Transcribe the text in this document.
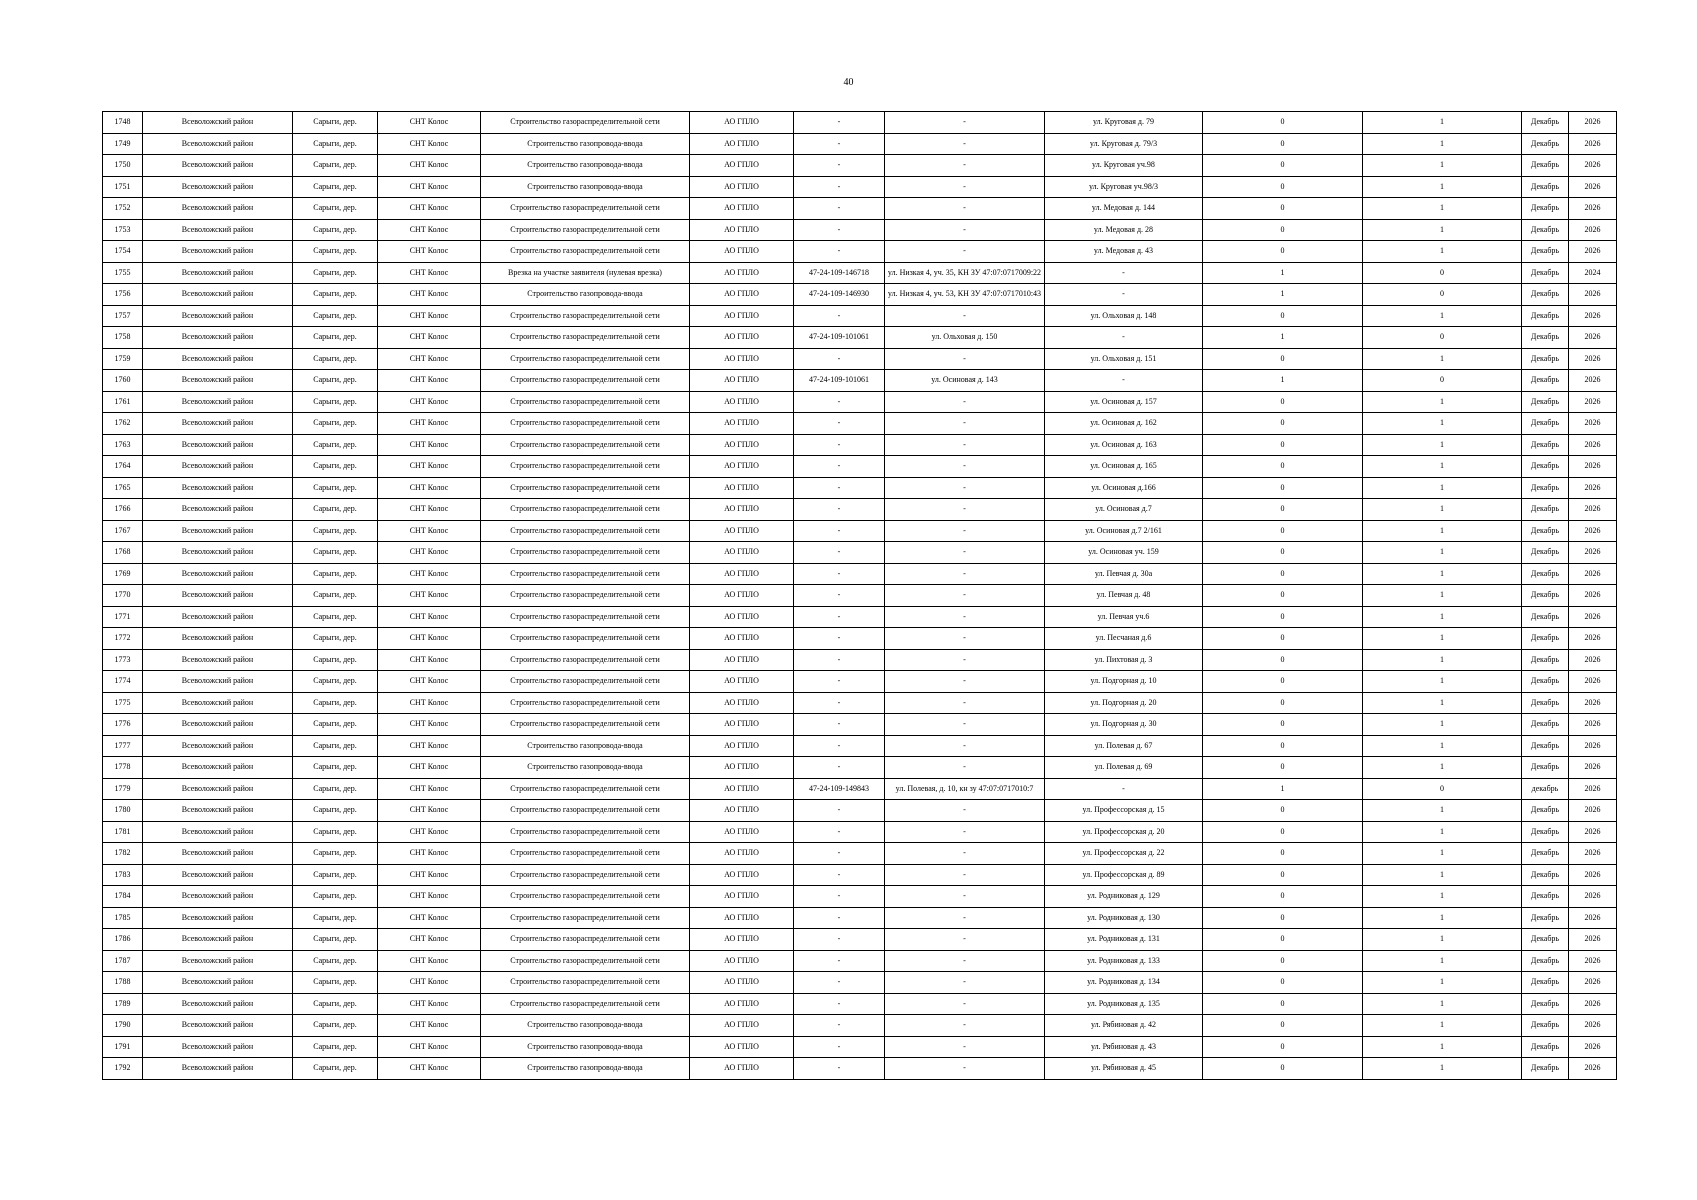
40
1748	Всеволожский район	Сарыги, дер.	СНТ Колос	Строительство газораспределительной сети	АО ГПЛО	-	-	ул. Круговая д. 79	0	1	Декабрь	2026
1749	Всеволожский район	Сарыги, дер.	СНТ Колос	Строительство газопровода-ввода	АО ГПЛО	-	-	ул. Круговая д. 79/3	0	1	Декабрь	2026
1750	Всеволожский район	Сарыги, дер.	СНТ Колос	Строительство газопровода-ввода	АО ГПЛО	-	-	ул. Круговая уч.98	0	1	Декабрь	2026
1751	Всеволожский район	Сарыги, дер.	СНТ Колос	Строительство газопровода-ввода	АО ГПЛО	-	-	ул. Круговая уч.98/3	0	1	Декабрь	2026
1752	Всеволожский район	Сарыги, дер.	СНТ Колос	Строительство газораспределительной сети	АО ГПЛО	-	-	ул. Медовая д. 144	0	1	Декабрь	2026
1753	Всеволожский район	Сарыги, дер.	СНТ Колос	Строительство газораспределительной сети	АО ГПЛО	-	-	ул. Медовая д. 28	0	1	Декабрь	2026
1754	Всеволожский район	Сарыги, дер.	СНТ Колос	Строительство газораспределительной сети	АО ГПЛО	-	-	ул. Медовая д. 43	0	1	Декабрь	2026
1755	Всеволожский район	Сарыги, дер.	СНТ Колос	Врезка на участке заявителя (нулевая врезка)	АО ГПЛО	47-24-109-146718	ул. Низкая 4, уч. 35, КН ЗУ 47:07:0717009:22	-	1	0	Декабрь	2024
1756	Всеволожский район	Сарыги, дер.	СНТ Колос	Строительство газопровода-ввода	АО ГПЛО	47-24-109-146930	ул. Низкая 4, уч. 53, КН ЗУ 47:07:0717010:43	-	1	0	Декабрь	2026
1757	Всеволожский район	Сарыги, дер.	СНТ Колос	Строительство газораспределительной сети	АО ГПЛО	-	-	ул. Ольховая д. 148	0	1	Декабрь	2026
1758	Всеволожский район	Сарыги, дер.	СНТ Колос	Строительство газораспределительной сети	АО ГПЛО	47-24-109-101061	ул. Ольховая д. 150	-	1	0	Декабрь	2026
1759	Всеволожский район	Сарыги, дер.	СНТ Колос	Строительство газораспределительной сети	АО ГПЛО	-	-	ул. Ольховая д. 151	0	1	Декабрь	2026
1760	Всеволожский район	Сарыги, дер.	СНТ Колос	Строительство газораспределительной сети	АО ГПЛО	47-24-109-101061	ул. Осиновая д. 143	-	1	0	Декабрь	2026
1761	Всеволожский район	Сарыги, дер.	СНТ Колос	Строительство газораспределительной сети	АО ГПЛО	-	-	ул. Осиновая д. 157	0	1	Декабрь	2026
1762	Всеволожский район	Сарыги, дер.	СНТ Колос	Строительство газораспределительной сети	АО ГПЛО	-	-	ул. Осиновая д. 162	0	1	Декабрь	2026
1763	Всеволожский район	Сарыги, дер.	СНТ Колос	Строительство газораспределительной сети	АО ГПЛО	-	-	ул. Осиновая д. 163	0	1	Декабрь	2026
1764	Всеволожский район	Сарыги, дер.	СНТ Колос	Строительство газораспределительной сети	АО ГПЛО	-	-	ул. Осиновая д. 165	0	1	Декабрь	2026
1765	Всеволожский район	Сарыги, дер.	СНТ Колос	Строительство газораспределительной сети	АО ГПЛО	-	-	ул. Осиновая д.166	0	1	Декабрь	2026
1766	Всеволожский район	Сарыги, дер.	СНТ Колос	Строительство газораспределительной сети	АО ГПЛО	-	-	ул. Осиновая д.7	0	1	Декабрь	2026
1767	Всеволожский район	Сарыги, дер.	СНТ Колос	Строительство газораспределительной сети	АО ГПЛО	-	-	ул. Осиновая д.7 2/161	0	1	Декабрь	2026
1768	Всеволожский район	Сарыги, дер.	СНТ Колос	Строительство газораспределительной сети	АО ГПЛО	-	-	ул. Осиновая уч. 159	0	1	Декабрь	2026
1769	Всеволожский район	Сарыги, дер.	СНТ Колос	Строительство газораспределительной сети	АО ГПЛО	-	-	ул. Певчая д. 30а	0	1	Декабрь	2026
1770	Всеволожский район	Сарыги, дер.	СНТ Колос	Строительство газораспределительной сети	АО ГПЛО	-	-	ул. Певчая д. 48	0	1	Декабрь	2026
1771	Всеволожский район	Сарыги, дер.	СНТ Колос	Строительство газораспределительной сети	АО ГПЛО	-	-	ул. Певчая уч.6	0	1	Декабрь	2026
1772	Всеволожский район	Сарыги, дер.	СНТ Колос	Строительство газораспределительной сети	АО ГПЛО	-	-	ул. Песчаная д.6	0	1	Декабрь	2026
1773	Всеволожский район	Сарыги, дер.	СНТ Колос	Строительство газораспределительной сети	АО ГПЛО	-	-	ул. Пихтовая д. 3	0	1	Декабрь	2026
1774	Всеволожский район	Сарыги, дер.	СНТ Колос	Строительство газораспределительной сети	АО ГПЛО	-	-	ул. Подгорная д. 10	0	1	Декабрь	2026
1775	Всеволожский район	Сарыги, дер.	СНТ Колос	Строительство газораспределительной сети	АО ГПЛО	-	-	ул. Подгорная д. 20	0	1	Декабрь	2026
1776	Всеволожский район	Сарыги, дер.	СНТ Колос	Строительство газораспределительной сети	АО ГПЛО	-	-	ул. Подгорная д. 30	0	1	Декабрь	2026
1777	Всеволожский район	Сарыги, дер.	СНТ Колос	Строительство газопровода-ввода	АО ГПЛО	-	-	ул. Полевая д. 67	0	1	Декабрь	2026
1778	Всеволожский район	Сарыги, дер.	СНТ Колос	Строительство газопровода-ввода	АО ГПЛО	-	-	ул. Полевая д. 69	0	1	Декабрь	2026
1779	Всеволожский район	Сарыги, дер.	СНТ Колос	Строительство газораспределительной сети	АО ГПЛО	47-24-109-149843	ул. Полевая, д. 10, кн зу 47:07:0717010:7	-	1	0	декабрь	2026
1780	Всеволожский район	Сарыги, дер.	СНТ Колос	Строительство газораспределительной сети	АО ГПЛО	-	-	ул. Профессорская д. 15	0	1	Декабрь	2026
1781	Всеволожский район	Сарыги, дер.	СНТ Колос	Строительство газораспределительной сети	АО ГПЛО	-	-	ул. Профессорская д. 20	0	1	Декабрь	2026
1782	Всеволожский район	Сарыги, дер.	СНТ Колос	Строительство газораспределительной сети	АО ГПЛО	-	-	ул. Профессорская д. 22	0	1	Декабрь	2026
1783	Всеволожский район	Сарыги, дер.	СНТ Колос	Строительство газораспределительной сети	АО ГПЛО	-	-	ул. Профессорская д. 89	0	1	Декабрь	2026
1784	Всеволожский район	Сарыги, дер.	СНТ Колос	Строительство газораспределительной сети	АО ГПЛО	-	-	ул. Родниковая д. 129	0	1	Декабрь	2026
1785	Всеволожский район	Сарыги, дер.	СНТ Колос	Строительство газораспределительной сети	АО ГПЛО	-	-	ул. Родниковая д. 130	0	1	Декабрь	2026
1786	Всеволожский район	Сарыги, дер.	СНТ Колос	Строительство газораспределительной сети	АО ГПЛО	-	-	ул. Родниковая д. 131	0	1	Декабрь	2026
1787	Всеволожский район	Сарыги, дер.	СНТ Колос	Строительство газораспределительной сети	АО ГПЛО	-	-	ул. Родниковая д. 133	0	1	Декабрь	2026
1788	Всеволожский район	Сарыги, дер.	СНТ Колос	Строительство газораспределительной сети	АО ГПЛО	-	-	ул. Родниковая д. 134	0	1	Декабрь	2026
1789	Всеволожский район	Сарыги, дер.	СНТ Колос	Строительство газораспределительной сети	АО ГПЛО	-	-	ул. Родниковая д. 135	0	1	Декабрь	2026
1790	Всеволожский район	Сарыги, дер.	СНТ Колос	Строительство газопровода-ввода	АО ГПЛО	-	-	ул. Рябиновая д. 42	0	1	Декабрь	2026
1791	Всеволожский район	Сарыги, дер.	СНТ Колос	Строительство газопровода-ввода	АО ГПЛО	-	-	ул. Рябиновая д. 43	0	1	Декабрь	2026
1792	Всеволожский район	Сарыги, дер.	СНТ Колос	Строительство газопровода-ввода	АО ГПЛО	-	-	ул. Рябиновая д. 45	0	1	Декабрь	2026
